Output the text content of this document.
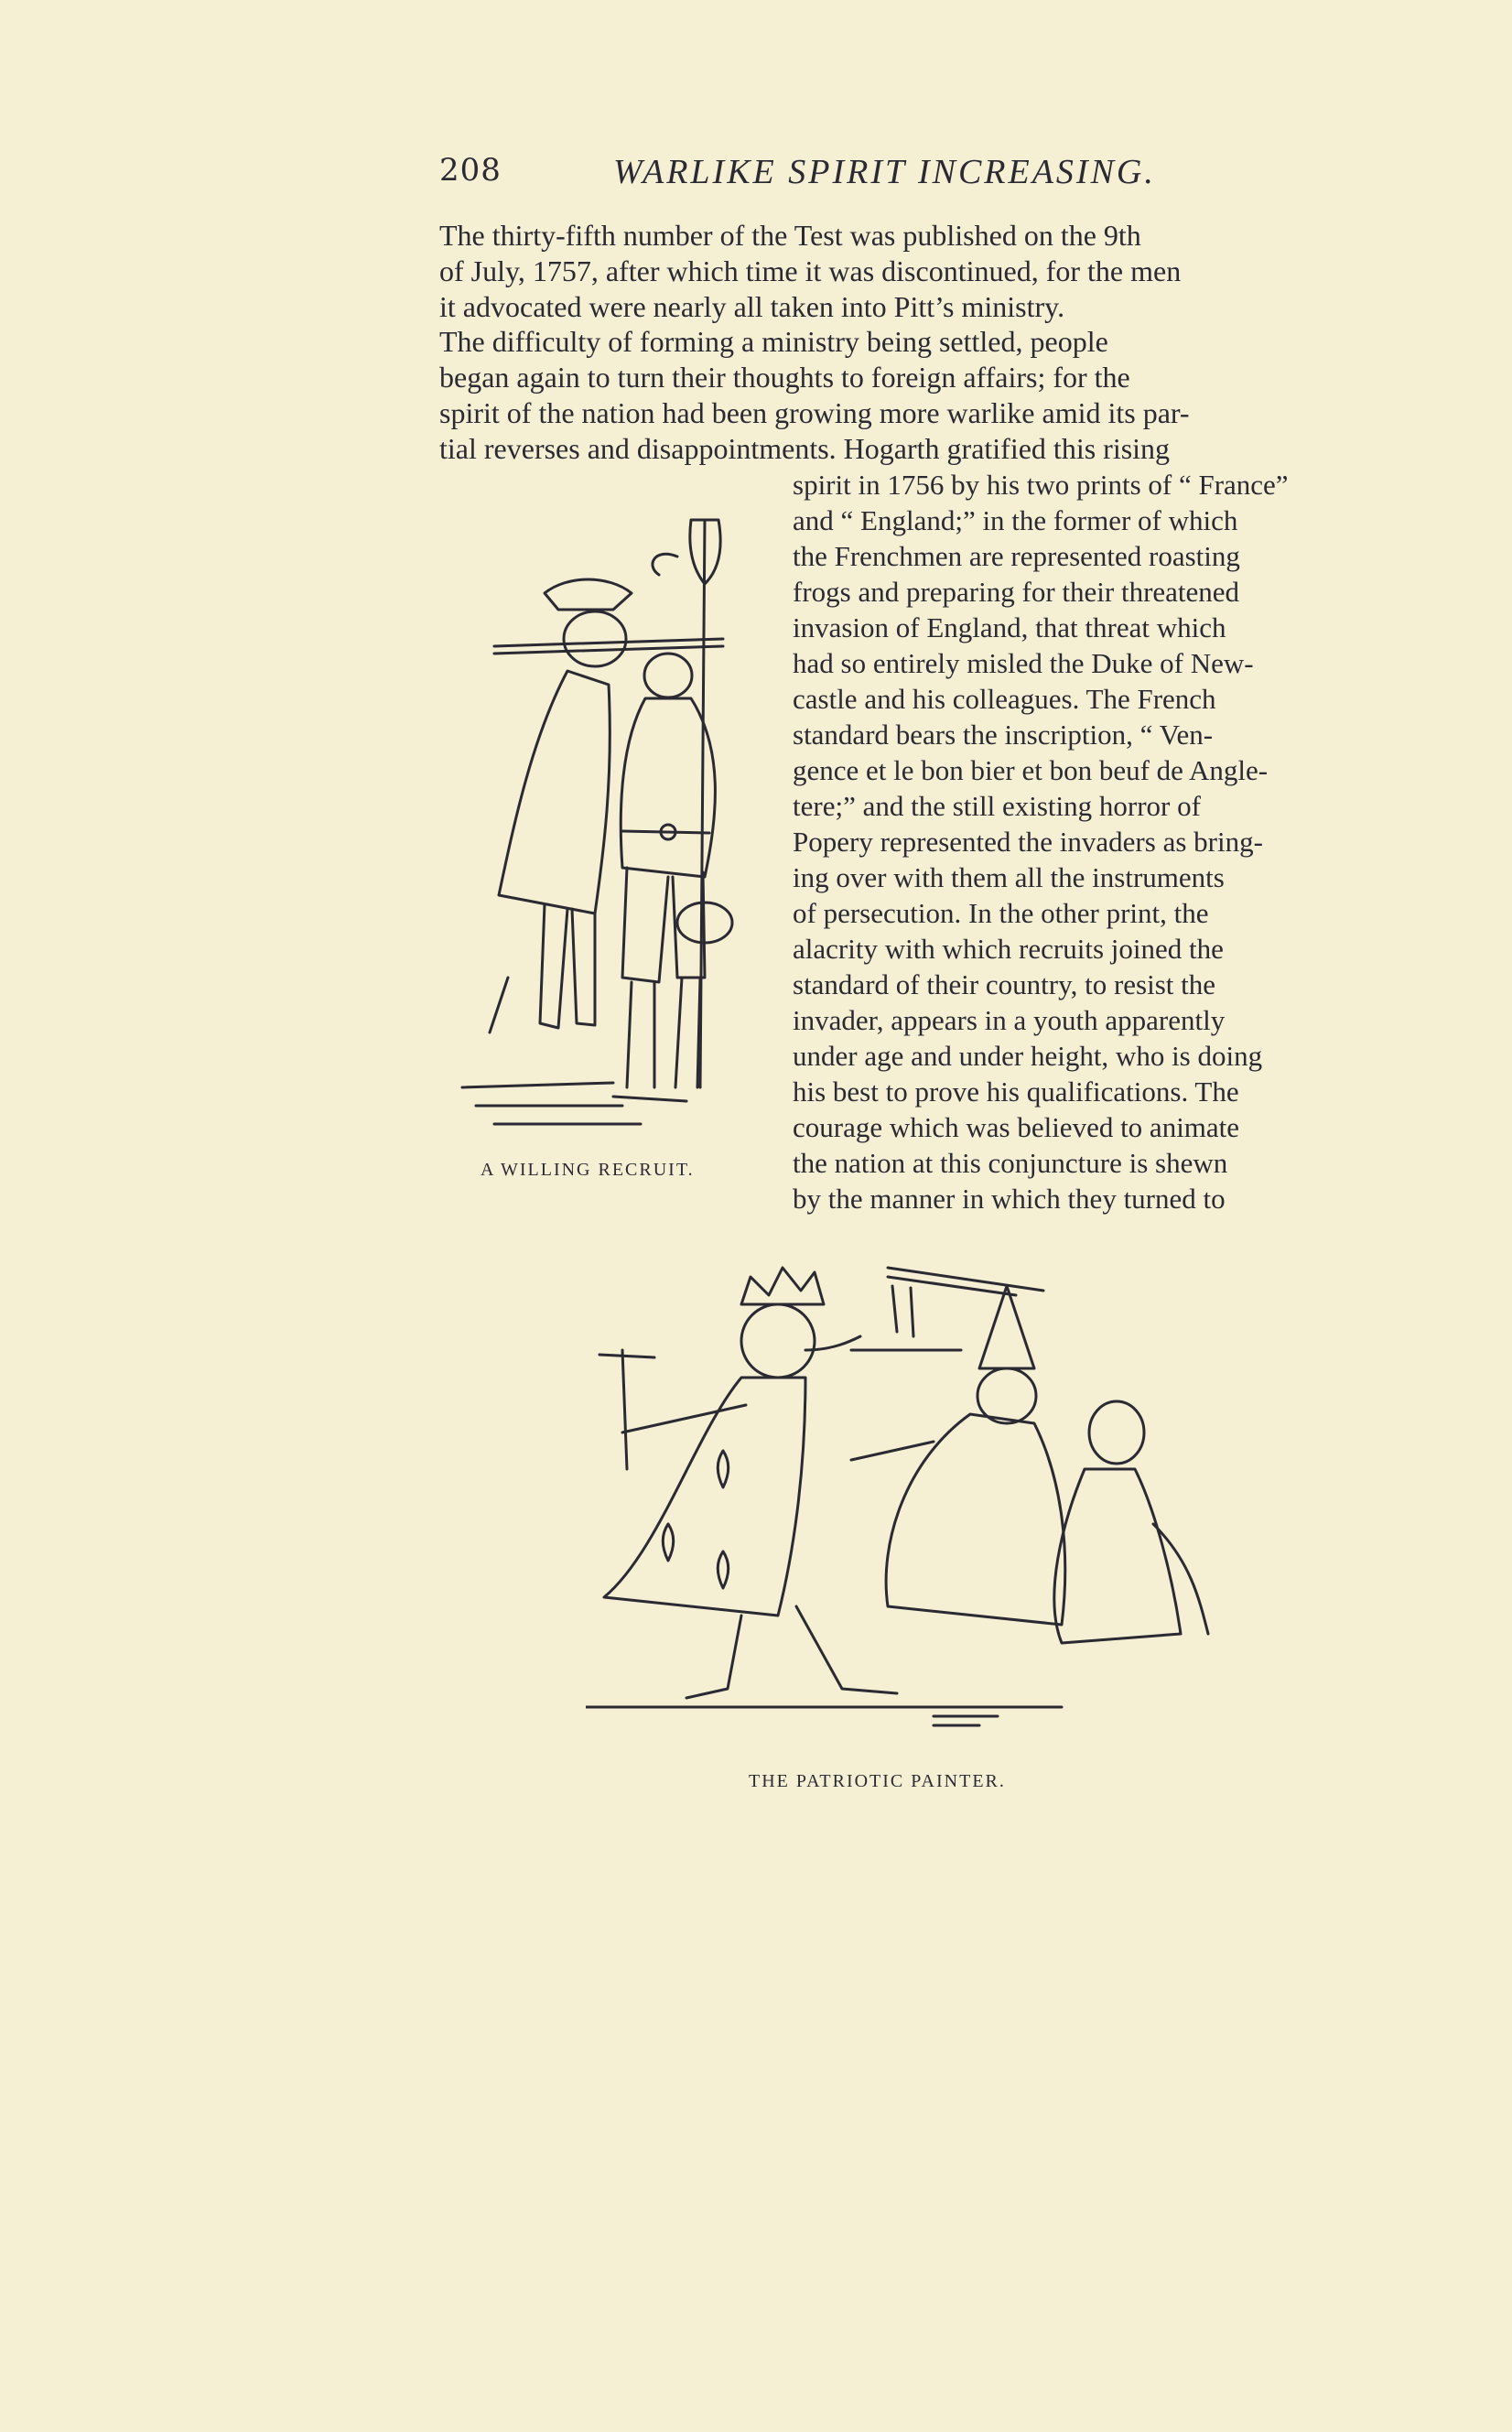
208	WARLIKE SPIRIT INCREASING.
The thirty-fifth number of the Test was published on the 9th
of July, 1757, after which time it was discontinued, for the men
it advocated were nearly all taken into Pitt’s ministry.
The difficulty of forming a ministry being settled, people
began again to turn their thoughts to foreign affairs; for the
spirit of the nation had been growing more warlike amid its par-
tial reverses and disappointments. Hogarth gratified this rising
spirit in 1756 by his two prints of “ France”
and “ England;” in the former of which
the Frenchmen are represented roasting
frogs and preparing for their threatened
invasion of England, that threat which
had so entirely misled the Duke of New-
castle and his colleagues. The French
standard bears the inscription, “ Ven-
gence et le bon bier et bon beuf de Angle-
tere;” and the still existing horror of
Popery represented the invaders as bring-
ing over with them all the instruments
of persecution. In the other print, the
alacrity with which recruits joined the
standard of their country, to resist the
invader, appears in a youth apparently
under age and under height, who is doing
his best to prove his qualifications. The
courage which was believed to animate
the nation at this conjuncture is shewn
by the manner in which they turned to
A WILLING RECRUIT.
THE PATRIOTIC PAINTER.
